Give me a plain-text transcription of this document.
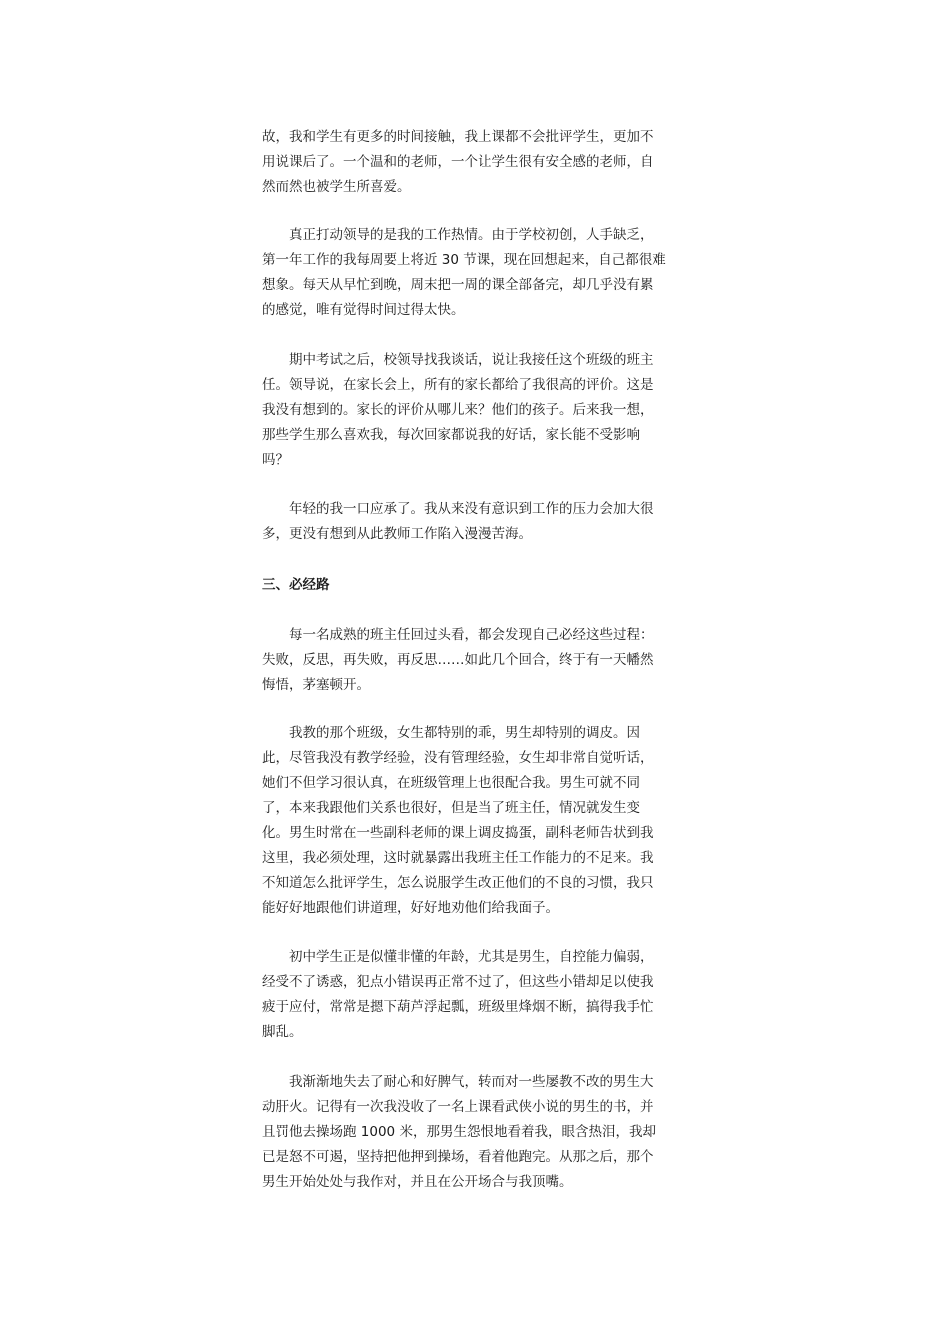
故，我和学生有更多的时间接触，我上课都不会批评学生，更加不
用说课后了。一个温和的老师，一个让学生很有安全感的老师，自
然而然也被学生所喜爱。
　　真正打动领导的是我的工作热情。由于学校初创，人手缺乏，
第一年工作的我每周要上将近 30 节课，现在回想起来，自己都很难
想象。每天从早忙到晚，周末把一周的课全部备完，却几乎没有累
的感觉，唯有觉得时间过得太快。
　　期中考试之后，校领导找我谈话，说让我接任这个班级的班主
任。领导说，在家长会上，所有的家长都给了我很高的评价。这是
我没有想到的。家长的评价从哪儿来？他们的孩子。后来我一想，
那些学生那么喜欢我，每次回家都说我的好话，家长能不受影响
吗？
　　年轻的我一口应承了。我从来没有意识到工作的压力会加大很
多，更没有想到从此教师工作陷入漫漫苦海。
三、必经路
　　每一名成熟的班主任回过头看，都会发现自己必经这些过程：
失败，反思，再失败，再反思……如此几个回合，终于有一天幡然
悔悟，茅塞顿开。
　　我教的那个班级，女生都特别的乖，男生却特别的调皮。因
此，尽管我没有教学经验，没有管理经验，女生却非常自觉听话，
她们不但学习很认真，在班级管理上也很配合我。男生可就不同
了，本来我跟他们关系也很好，但是当了班主任，情况就发生变
化。男生时常在一些副科老师的课上调皮捣蛋，副科老师告状到我
这里，我必须处理，这时就暴露出我班主任工作能力的不足来。我
不知道怎么批评学生，怎么说服学生改正他们的不良的习惯，我只
能好好地跟他们讲道理，好好地劝他们给我面子。
　　初中学生正是似懂非懂的年龄，尤其是男生，自控能力偏弱，
经受不了诱惑，犯点小错误再正常不过了，但这些小错却足以使我
疲于应付，常常是摁下葫芦浮起瓢，班级里烽烟不断，搞得我手忙
脚乱。
　　我渐渐地失去了耐心和好脾气，转而对一些屡教不改的男生大
动肝火。记得有一次我没收了一名上课看武侠小说的男生的书，并
且罚他去操场跑 1000 米，那男生怨恨地看着我，眼含热泪，我却
已是怒不可遏，坚持把他押到操场，看着他跑完。从那之后，那个
男生开始处处与我作对，并且在公开场合与我顶嘴。
